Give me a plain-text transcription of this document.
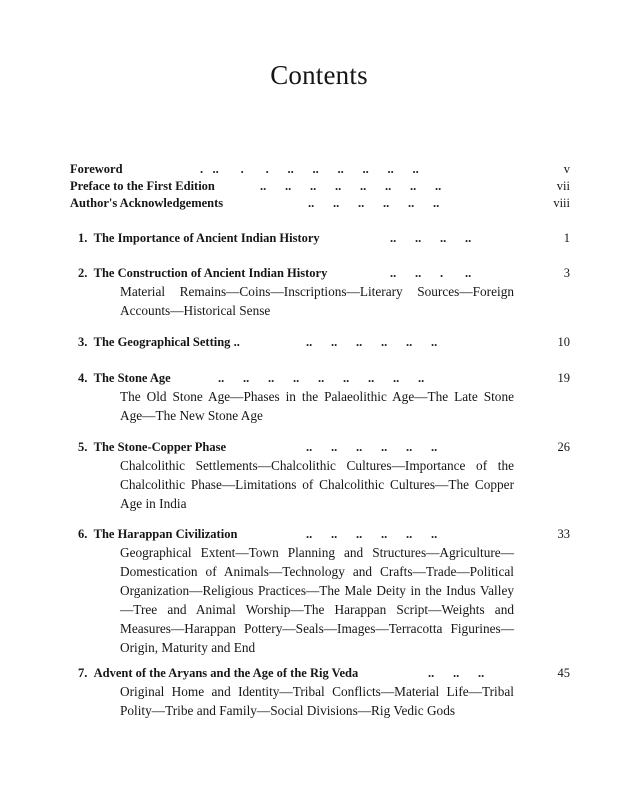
Contents
Foreword	.   ..       .       .      ..      ..      ..      ..      ..      ..	v
Preface to the First Edition	..      ..      ..      ..      ..      ..      ..      ..	vii
Author's Acknowledgements	..      ..      ..      ..      ..      ..	viii
1. The Importance of Ancient Indian History	..      ..      ..      ..	1
2. The Construction of Ancient Indian History	..      ..      .       ..	3
Material Remains—Coins—Inscriptions—Literary Sources—Foreign Accounts—Historical Sense
3. The Geographical Setting ..	..      ..      ..      ..      ..      ..	10
4. The Stone Age	..      ..      ..      ..      ..      ..      ..      ..      ..	19
The Old Stone Age—Phases in the Palaeolithic Age—The Late Stone Age—The New Stone Age
5. The Stone-Copper Phase	..      ..      ..      ..      ..      ..	26
Chalcolithic Settlements—Chalcolithic Cultures—Importance of the Chalcolithic Phase—Limitations of Chalcolithic Cultures—The Copper Age in India
6. The Harappan Civilization	..      ..      ..      ..      ..      ..	33
Geographical Extent—Town Planning and Structures—Agriculture—Domestication of Animals—Technology and Crafts—Trade—Political Organization—Religious Practices—The Male Deity in the Indus Valley—Tree and Animal Worship—The Harappan Script—Weights and Measures—Harappan Pottery—Seals—Images—Terracotta Figurines—Origin, Maturity and End
7. Advent of the Aryans and the Age of the Rig Veda	..      ..      ..	45
Original Home and Identity—Tribal Conflicts—Material Life—Tribal Polity—Tribe and Family—Social Divisions—Rig Vedic Gods
